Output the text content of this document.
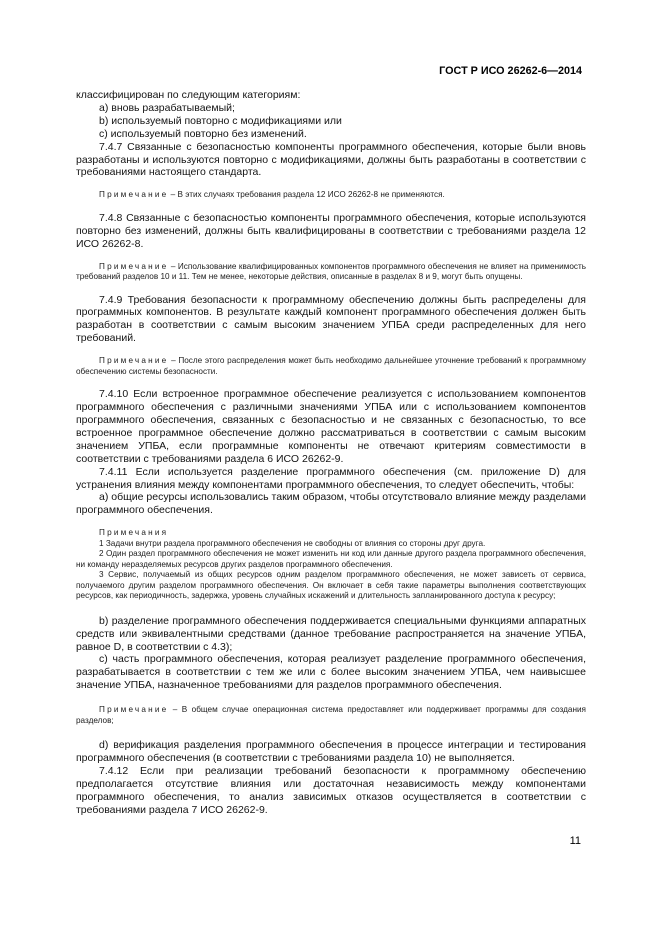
ГОСТ Р ИСО 26262-6—2014

классифицирован по следующим категориям:

а) вновь разрабатываемый;

b) используемый повторно с модификациями или

c) используемый повторно без изменений.

7.4.7 Связанные с безопасностью компоненты программного обеспечения, которые были вновь разработаны и используются повторно с модификациями, должны быть разработаны в соответствии с требованиями настоящего стандарта.

Примечание – В этих случаях требования раздела 12 ИСО 26262-8 не применяются.

7.4.8 Связанные с безопасностью компоненты программного обеспечения, которые используются повторно без изменений, должны быть квалифицированы в соответствии с требованиями раздела 12 ИСО 26262-8.

Примечание – Использование квалифицированных компонентов программного обеспечения не влияет на применимость требований разделов 10 и 11. Тем не менее, некоторые действия, описанные в разделах 8 и 9, могут быть опущены.

7.4.9 Требования безопасности к программному обеспечению должны быть распределены для программных компонентов. В результате каждый компонент программного обеспечения должен быть разработан в соответствии с самым высоким значением УПБА среди распределенных для него требований.

Примечание – После этого распределения может быть необходимо дальнейшее уточнение требований к программному обеспечению системы безопасности.

7.4.10 Если встроенное программное обеспечение реализуется с использованием компонентов программного обеспечения с различными значениями УПБА или с использованием компонентов программного обеспечения, связанных с безопасностью и не связанных с безопасностью, то все встроенное программное обеспечение должно рассматриваться в соответствии с самым высоким значением УПБА, если программные компоненты не отвечают критериям совместимости в соответствии с требованиями раздела 6 ИСО 26262-9.

7.4.11 Если используется разделение программного обеспечения (см. приложение D) для устранения влияния между компонентами программного обеспечения, то следует обеспечить, чтобы:

а) общие ресурсы использовались таким образом, чтобы отсутствовало влияние между разделами программного обеспечения.

Примечания

1 Задачи внутри раздела программного обеспечения не свободны от влияния со стороны друг друга.

2 Один раздел программного обеспечения не может изменить ни код или данные другого раздела программного обеспечения, ни команду неразделяемых ресурсов других разделов программного обеспечения.

3 Сервис, получаемый из общих ресурсов одним разделом программного обеспечения, не может зависеть от сервиса, получаемого другим разделом программного обеспечения. Он включает в себя такие параметры выполнения соответствующих ресурсов, как периодичность, задержка, уровень случайных искажений и длительность запланированного доступа к ресурсу;

b) разделение программного обеспечения поддерживается специальными функциями аппаратных средств или эквивалентными средствами (данное требование распространяется на значение УПБА, равное D, в соответствии с 4.3);

c) часть программного обеспечения, которая реализует разделение программного обеспечения, разрабатывается в соответствии с тем же или с более высоким значением УПБА, чем наивысшее значение УПБА, назначенное требованиями для разделов программного обеспечения.

Примечание – В общем случае операционная система предоставляет или поддерживает программы для создания разделов;

d) верификация разделения программного обеспечения в процессе интеграции и тестирования программного обеспечения (в соответствии с требованиями раздела 10) не выполняется.

7.4.12 Если при реализации требований безопасности к программному обеспечению предполагается отсутствие влияния или достаточная независимость между компонентами программного обеспечения, то анализ зависимых отказов осуществляется в соответствии с требованиями раздела 7 ИСО 26262-9.

11
